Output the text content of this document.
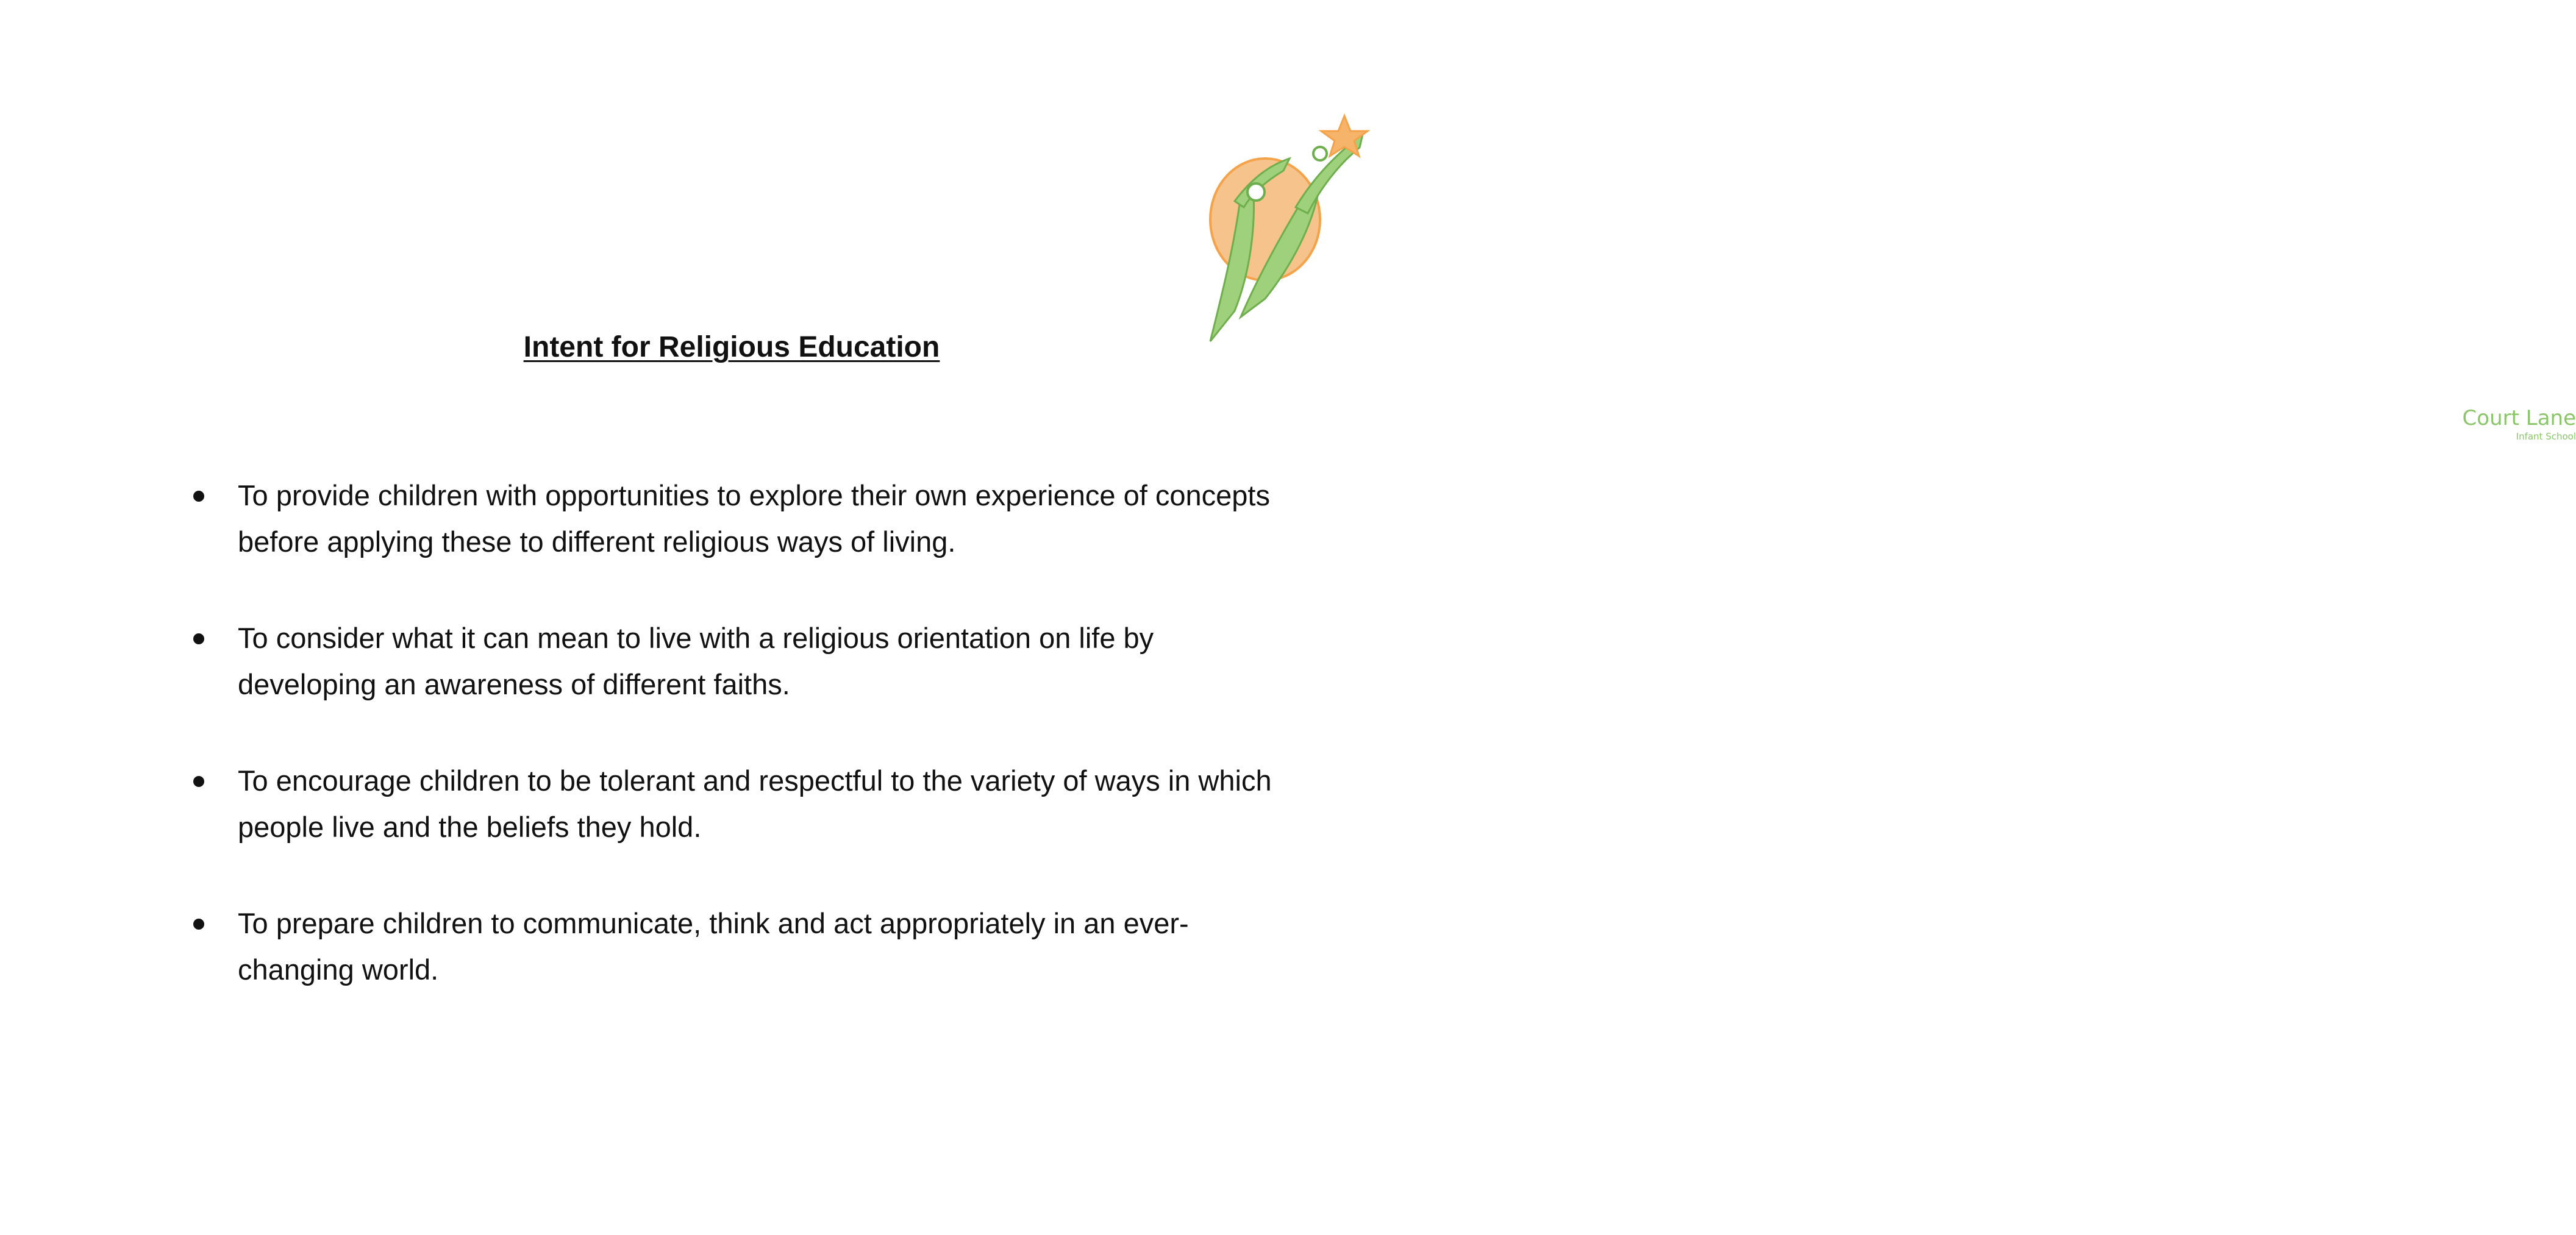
Court Lane
Infant School
Intent for Religious Education
To provide children with opportunities to explore their own experience of concepts before applying these to different religious ways of living.
To consider what it can mean to live with a religious orientation on life by developing an awareness of different faiths.
To encourage children to be tolerant and respectful to the variety of ways in which people live and the beliefs they hold.
To prepare children to communicate, think and act appropriately in an ever-changing world.
